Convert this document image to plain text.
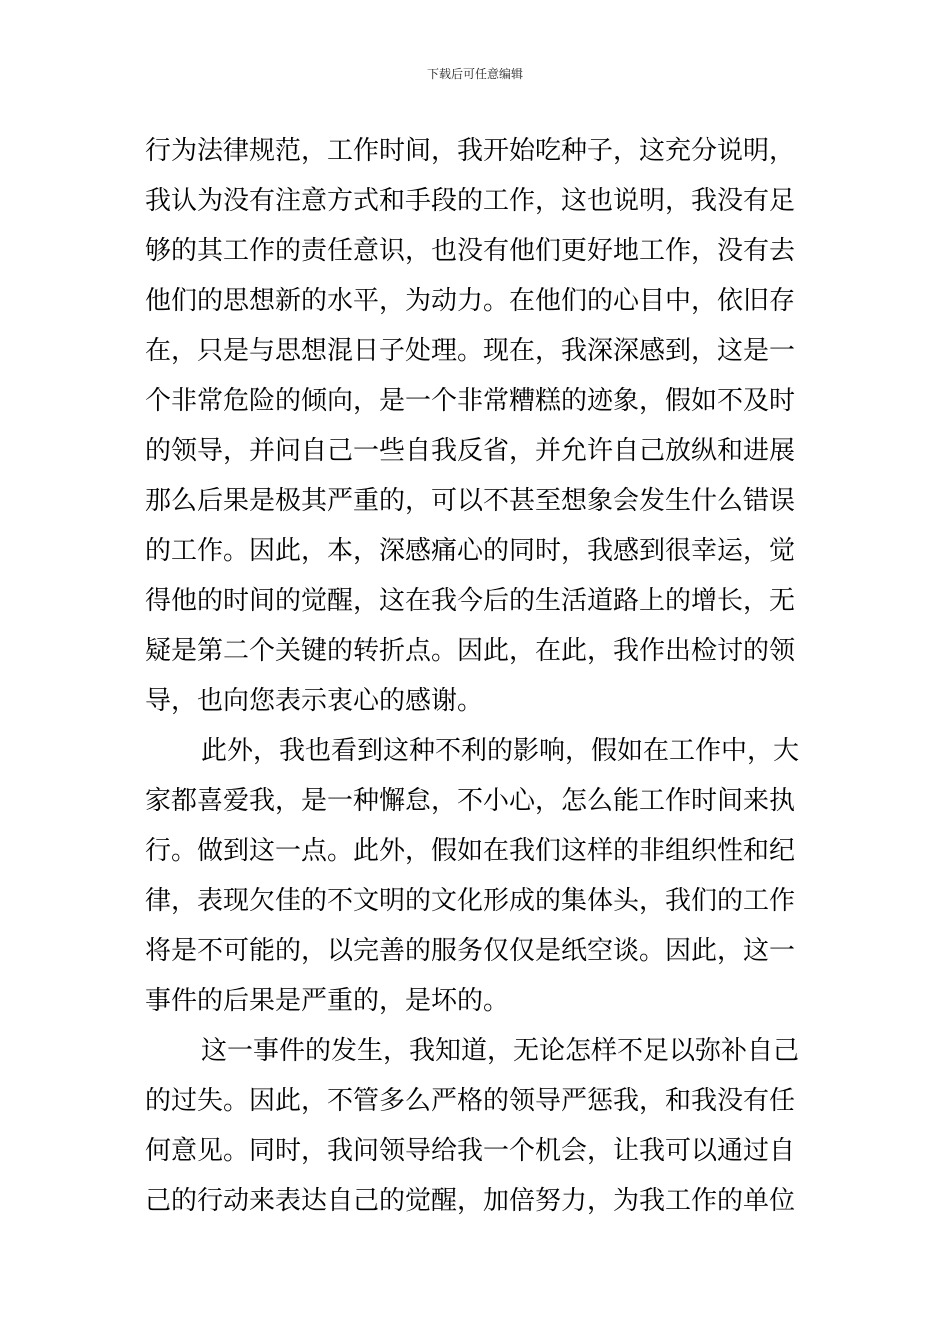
下载后可任意编辑
行为法律规范，工作时间，我开始吃种子，这充分说明，
我认为没有注意方式和手段的工作，这也说明，我没有足
够的其工作的责任意识，也没有他们更好地工作，没有去
他们的思想新的水平，为动力。在他们的心目中，依旧存
在，只是与思想混日子处理。现在，我深深感到，这是一
个非常危险的倾向，是一个非常糟糕的迹象，假如不及时
的领导，并问自己一些自我反省，并允许自己放纵和进展
那么后果是极其严重的，可以不甚至想象会发生什么错误
的工作。因此，本，深感痛心的同时，我感到很幸运，觉
得他的时间的觉醒，这在我今后的生活道路上的增长，无
疑是第二个关键的转折点。因此，在此，我作出检讨的领
导，也向您表示衷心的感谢。
此外，我也看到这种不利的影响，假如在工作中，大
家都喜爱我，是一种懈怠，不小心，怎么能工作时间来执
行。做到这一点。此外，假如在我们这样的非组织性和纪
律，表现欠佳的不文明的文化形成的集体头，我们的工作
将是不可能的，以完善的服务仅仅是纸空谈。因此，这一
事件的后果是严重的，是坏的。
这一事件的发生，我知道，无论怎样不足以弥补自己
的过失。因此，不管多么严格的领导严惩我，和我没有任
何意见。同时，我问领导给我一个机会，让我可以通过自
己的行动来表达自己的觉醒，加倍努力，为我工作的单位
